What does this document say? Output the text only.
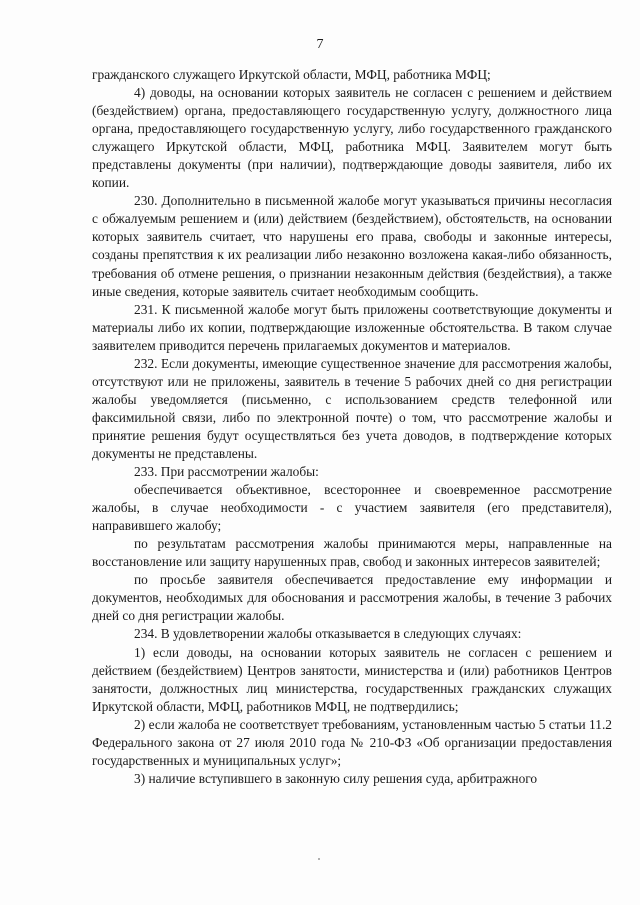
7

гражданского служащего Иркутской области, МФЦ, работника МФЦ;

4) доводы, на основании которых заявитель не согласен с решением и действием (бездействием) органа, предоставляющего государственную услугу, должностного лица органа, предоставляющего государственную услугу, либо государственного гражданского служащего Иркутской области, МФЦ, работника МФЦ. Заявителем могут быть представлены документы (при наличии), подтверждающие доводы заявителя, либо их копии.

230. Дополнительно в письменной жалобе могут указываться причины несогласия с обжалуемым решением и (или) действием (бездействием), обстоятельств, на основании которых заявитель считает, что нарушены его права, свободы и законные интересы, созданы препятствия к их реализации либо незаконно возложена какая-либо обязанность, требования об отмене решения, о признании незаконным действия (бездействия), а также иные сведения, которые заявитель считает необходимым сообщить.

231. К письменной жалобе могут быть приложены соответствующие документы и материалы либо их копии, подтверждающие изложенные обстоятельства. В таком случае заявителем приводится перечень прилагаемых документов и материалов.

232. Если документы, имеющие существенное значение для рассмотрения жалобы, отсутствуют или не приложены, заявитель в течение 5 рабочих дней со дня регистрации жалобы уведомляется (письменно, с использованием средств телефонной или факсимильной связи, либо по электронной почте) о том, что рассмотрение жалобы и принятие решения будут осуществляться без учета доводов, в подтверждение которых документы не представлены.

233. При рассмотрении жалобы:

обеспечивается объективное, всестороннее и своевременное рассмотрение жалобы, в случае необходимости - с участием заявителя (его представителя), направившего жалобу;

по результатам рассмотрения жалобы принимаются меры, направленные на восстановление или защиту нарушенных прав, свобод и законных интересов заявителей;

по просьбе заявителя обеспечивается предоставление ему информации и документов, необходимых для обоснования и рассмотрения жалобы, в течение 3 рабочих дней со дня регистрации жалобы.

234. В удовлетворении жалобы отказывается в следующих случаях:

1) если доводы, на основании которых заявитель не согласен с решением и действием (бездействием) Центров занятости, министерства и (или) работников Центров занятости, должностных лиц министерства, государственных гражданских служащих Иркутской области, МФЦ, работников МФЦ, не подтвердились;

2) если жалоба не соответствует требованиям, установленным частью 5 статьи 11.2 Федерального закона от 27 июля 2010 года № 210-ФЗ «Об организации предоставления государственных и муниципальных услуг»;

3) наличие вступившего в законную силу решения суда, арбитражного
